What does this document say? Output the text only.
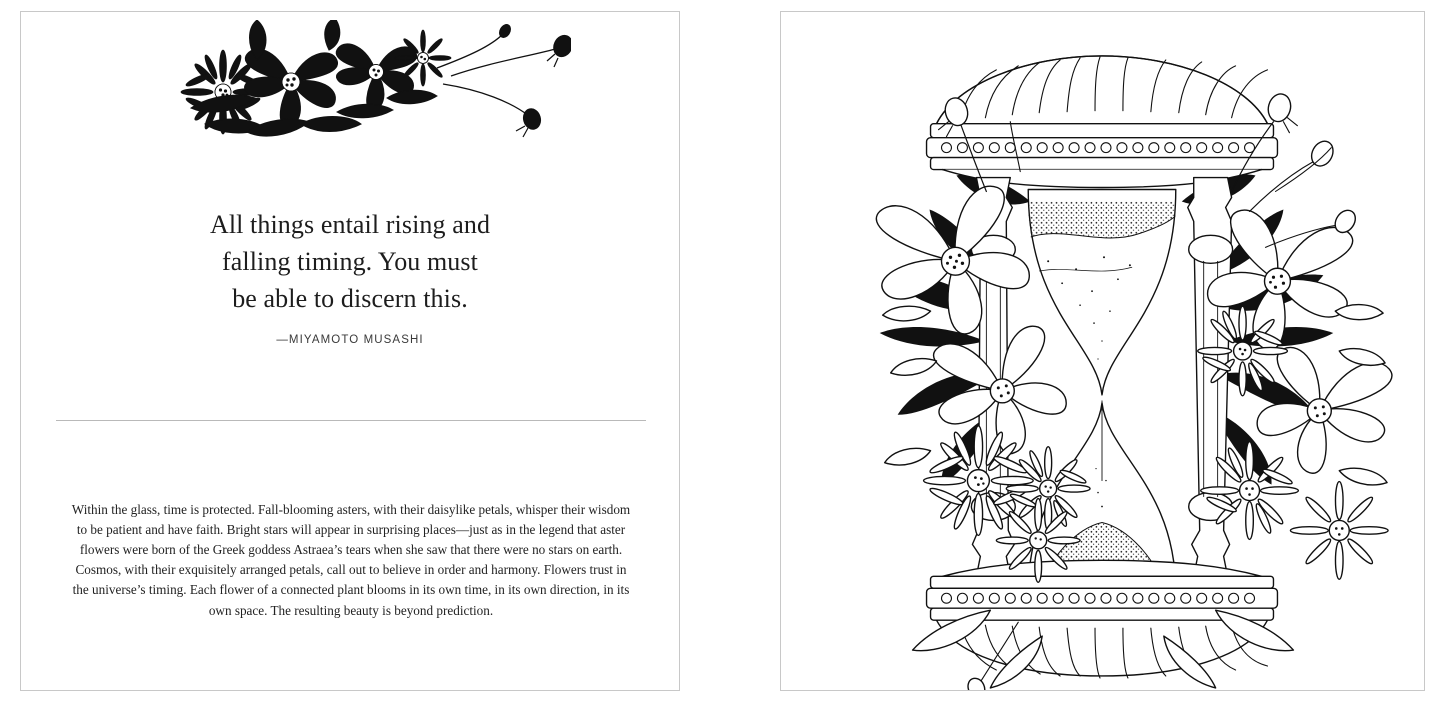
All things entail rising and
falling timing. You must
be able to discern this.
—MIYAMOTO MUSASHI

Within the glass, time is protected. Fall-blooming asters, with their daisylike petals, whisper their wisdom to be patient and have faith. Bright stars will appear in surprising places—just as in the legend that aster flowers were born of the Greek goddess Astraea’s tears when she saw that there were no stars on earth. Cosmos, with their exquisitely arranged petals, call out to believe in order and harmony. Flowers trust in the universe’s timing. Each flower of a connected plant blooms in its own time, in its own direction, in its own space. The resulting beauty is beyond prediction.
